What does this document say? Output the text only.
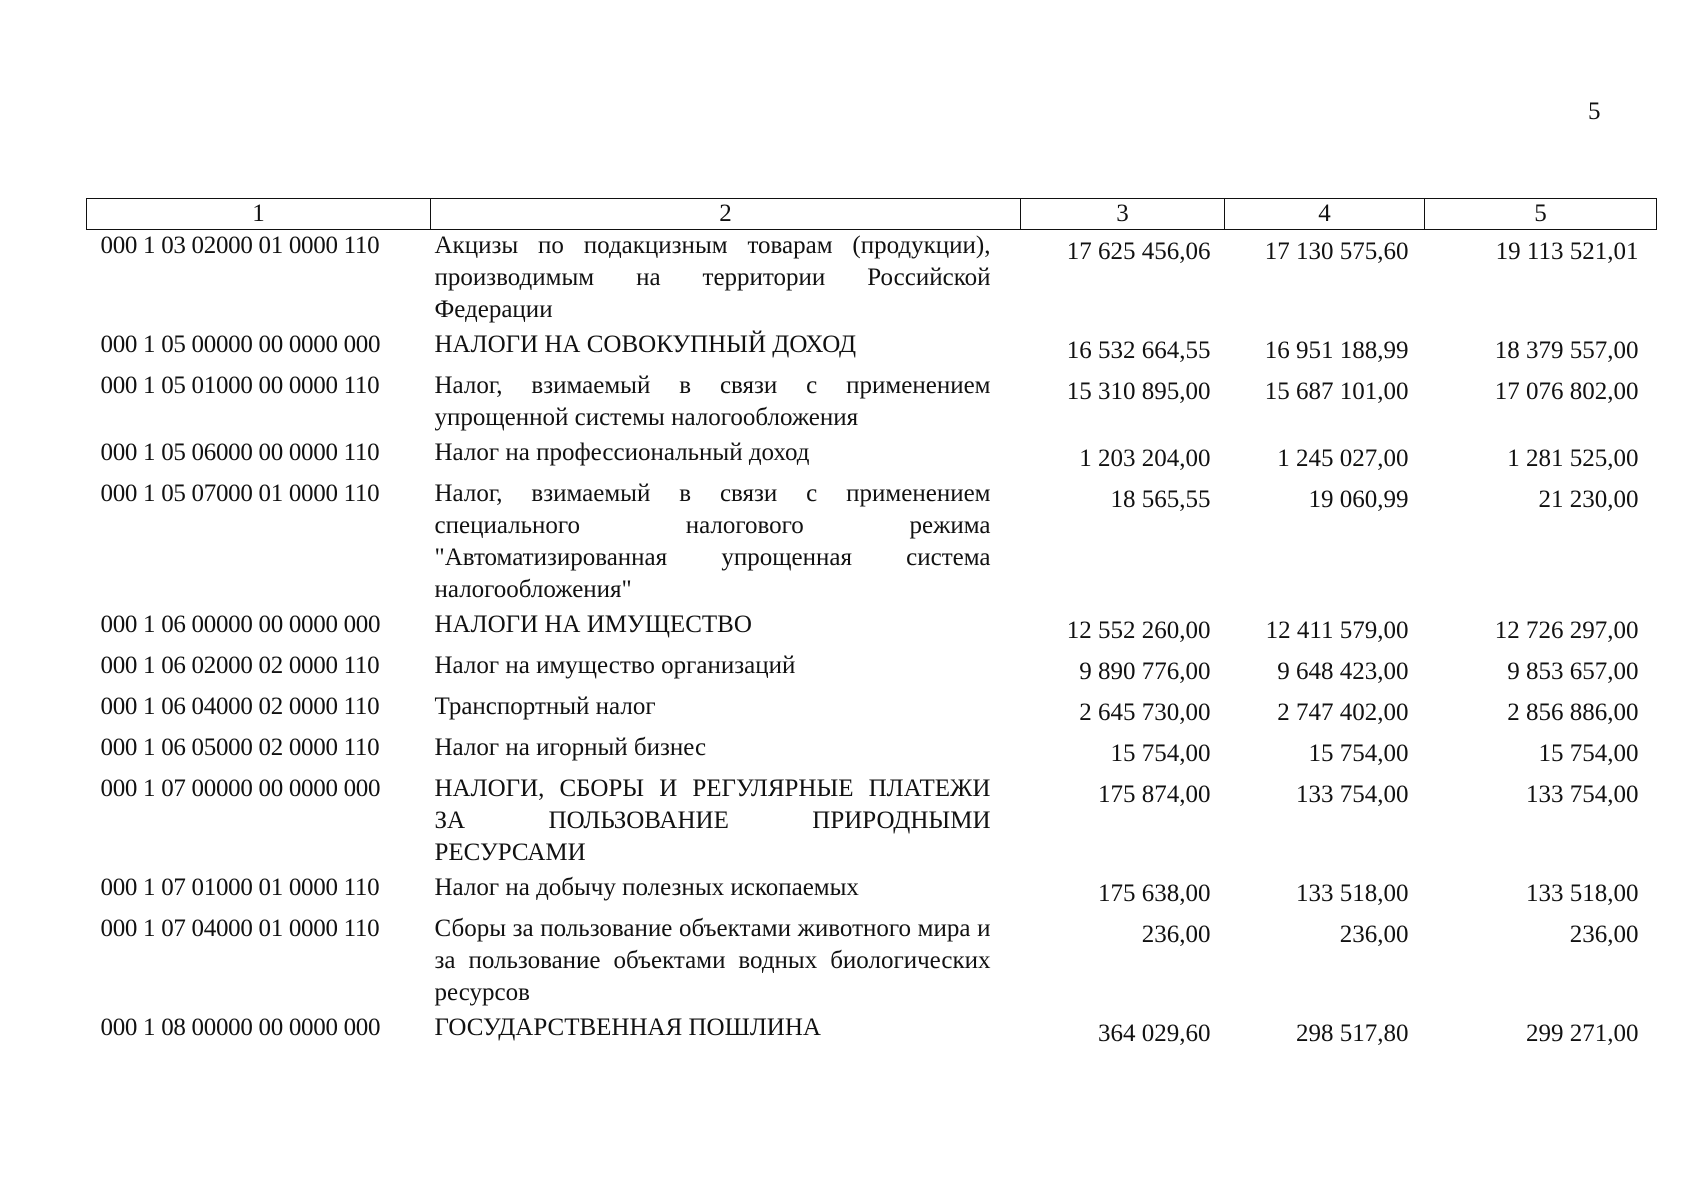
5
1	2	3	4	5
000 1 03 02000 01 0000 110	Акцизы по подакцизным товарам (продукции), производимым на территории Российской Федерации	17 625 456,06	17 130 575,60	19 113 521,01
000 1 05 00000 00 0000 000	НАЛОГИ НА СОВОКУПНЫЙ ДОХОД	16 532 664,55	16 951 188,99	18 379 557,00
000 1 05 01000 00 0000 110	Налог, взимаемый в связи с применением упрощенной системы налогообложения	15 310 895,00	15 687 101,00	17 076 802,00
000 1 05 06000 00 0000 110	Налог на профессиональный доход	1 203 204,00	1 245 027,00	1 281 525,00
000 1 05 07000 01 0000 110	Налог, взимаемый в связи с применением специального налогового режима "Автоматизированная упрощенная система налогообложения"	18 565,55	19 060,99	21 230,00
000 1 06 00000 00 0000 000	НАЛОГИ НА ИМУЩЕСТВО	12 552 260,00	12 411 579,00	12 726 297,00
000 1 06 02000 02 0000 110	Налог на имущество организаций	9 890 776,00	9 648 423,00	9 853 657,00
000 1 06 04000 02 0000 110	Транспортный налог	2 645 730,00	2 747 402,00	2 856 886,00
000 1 06 05000 02 0000 110	Налог на игорный бизнес	15 754,00	15 754,00	15 754,00
000 1 07 00000 00 0000 000	НАЛОГИ, СБОРЫ И РЕГУЛЯРНЫЕ ПЛАТЕЖИ ЗА ПОЛЬЗОВАНИЕ ПРИРОДНЫМИ РЕСУРСАМИ	175 874,00	133 754,00	133 754,00
000 1 07 01000 01 0000 110	Налог на добычу полезных ископаемых	175 638,00	133 518,00	133 518,00
000 1 07 04000 01 0000 110	Сборы за пользование объектами животного мира и за пользование объектами водных биологических ресурсов	236,00	236,00	236,00
000 1 08 00000 00 0000 000	ГОСУДАРСТВЕННАЯ ПОШЛИНА	364 029,60	298 517,80	299 271,00
